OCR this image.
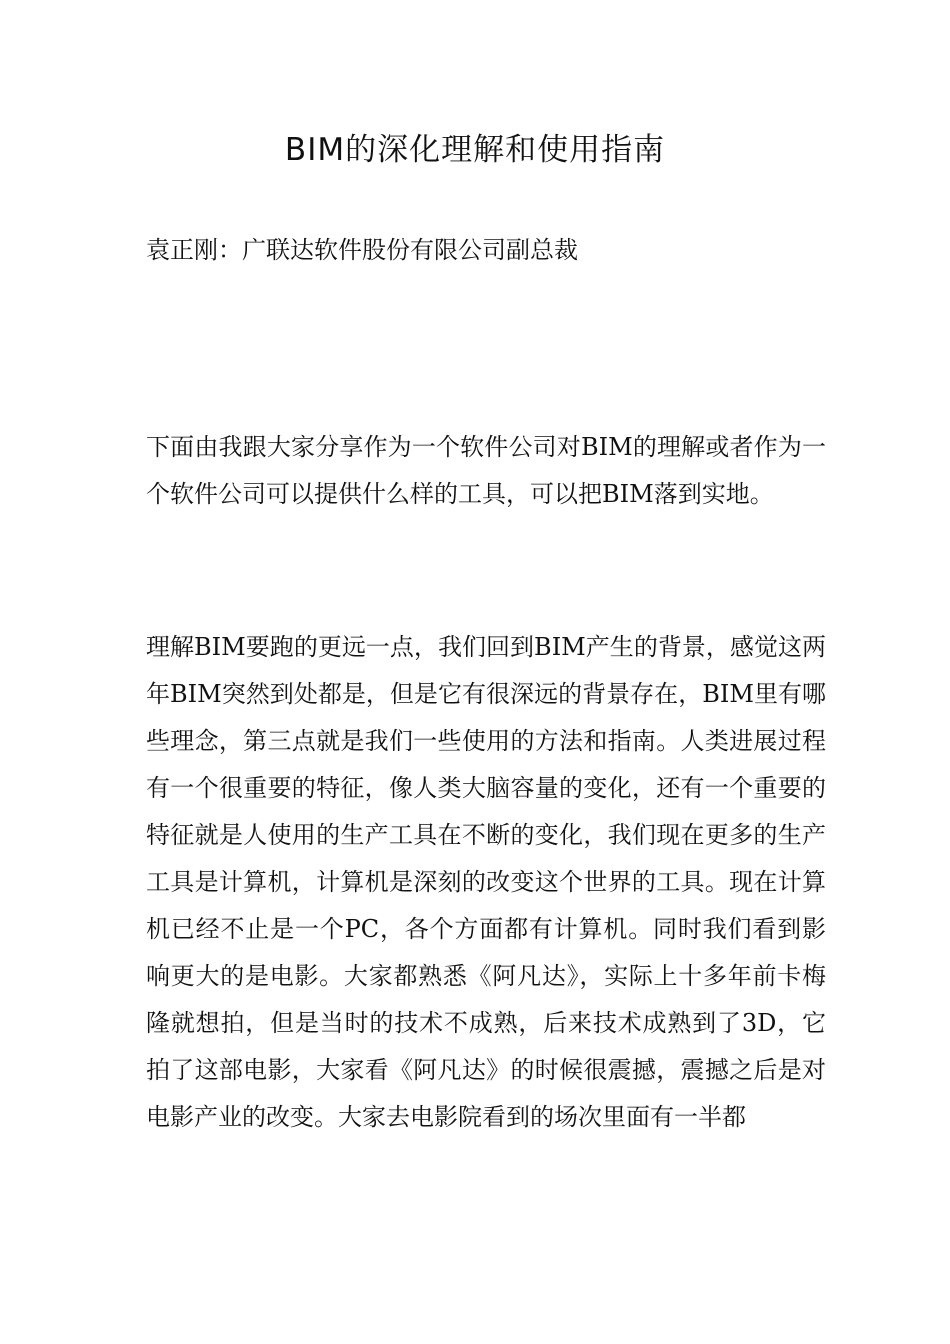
BIM的深化理解和使用指南

袁正刚：广联达软件股份有限公司副总裁

下面由我跟大家分享作为一个软件公司对BIM的理解或者作为一个软件公司可以提供什么样的工具，可以把BIM落到实地。

理解BIM要跑的更远一点，我们回到BIM产生的背景，感觉这两年BIM突然到处都是，但是它有很深远的背景存在，BIM里有哪些理念，第三点就是我们一些使用的方法和指南。人类进展过程有一个很重要的特征，像人类大脑容量的变化，还有一个重要的特征就是人使用的生产工具在不断的变化，我们现在更多的生产工具是计算机，计算机是深刻的改变这个世界的工具。现在计算机已经不止是一个PC，各个方面都有计算机。同时我们看到影响更大的是电影。大家都熟悉《阿凡达》，实际上十多年前卡梅隆就想拍，但是当时的技术不成熟，后来技术成熟到了3D，它拍了这部电影，大家看《阿凡达》的时候很震撼，震撼之后是对电影产业的改变。大家去电影院看到的场次里面有一半都
